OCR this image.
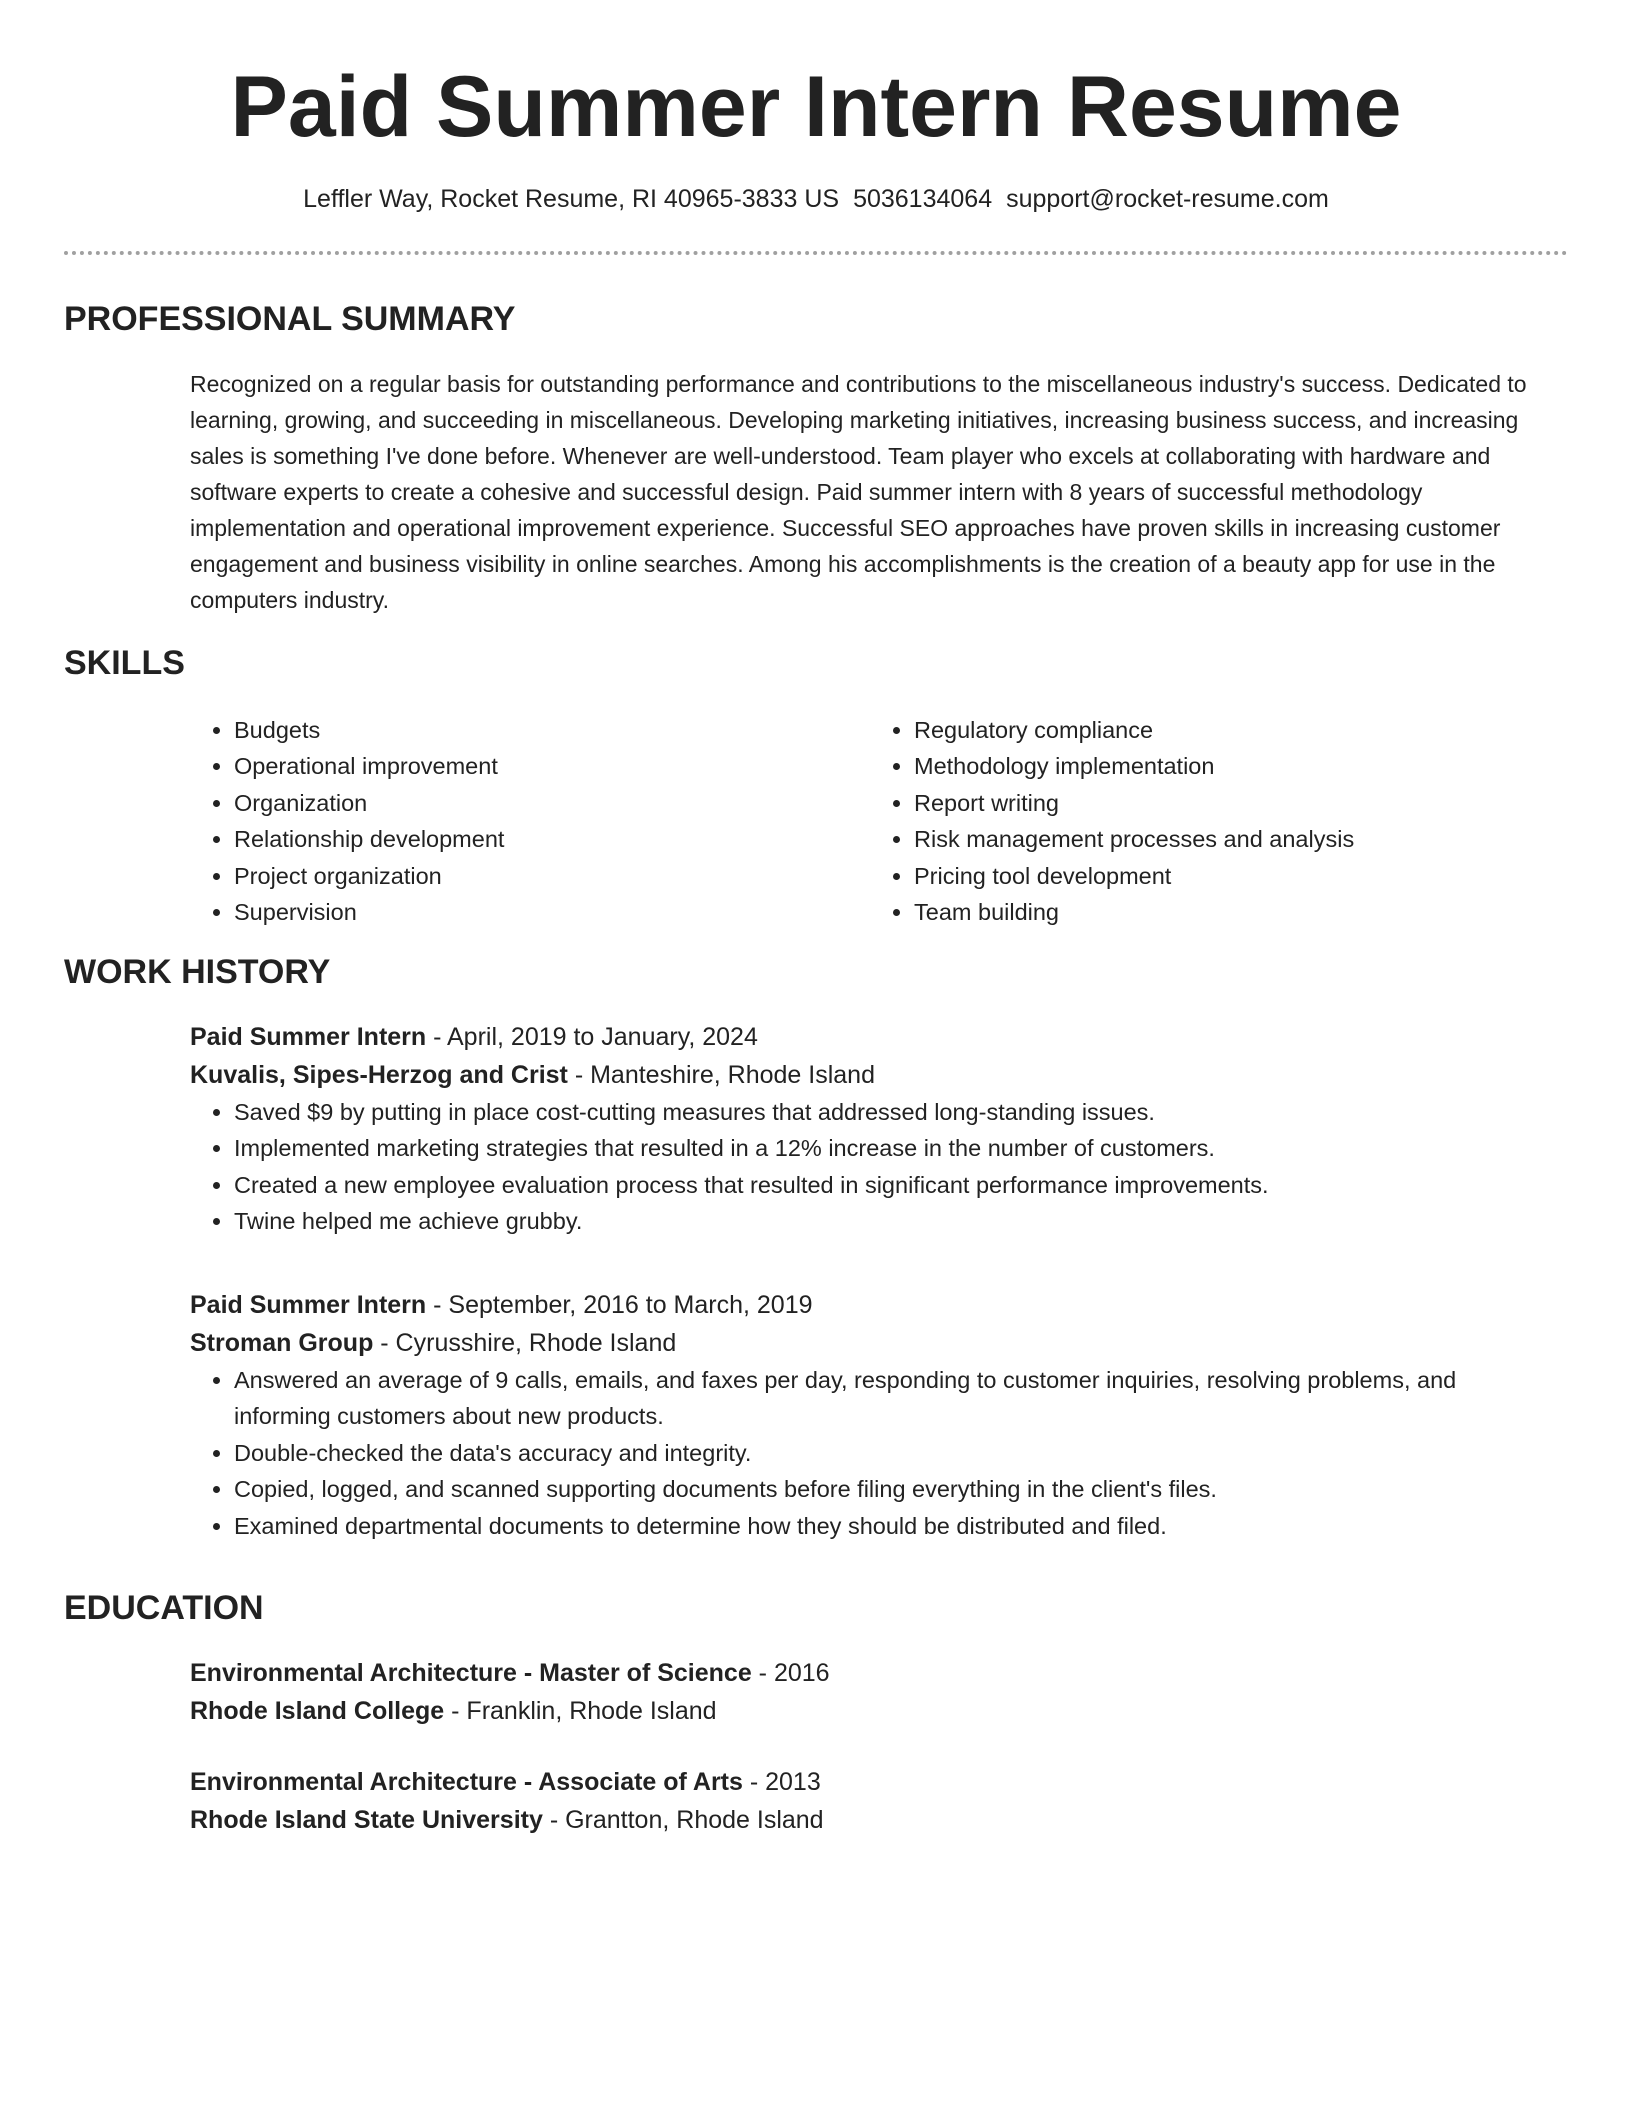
Paid Summer Intern Resume
Leffler Way, Rocket Resume, RI 40965-3833 US 5036134064 support@rocket-resume.com
PROFESSIONAL SUMMARY

Recognized on a regular basis for outstanding performance and contributions to the miscellaneous industry's success. Dedicated to learning, growing, and succeeding in miscellaneous. Developing marketing initiatives, increasing business success, and increasing sales is something I've done before. Whenever are well-understood. Team player who excels at collaborating with hardware and software experts to create a cohesive and successful design. Paid summer intern with 8 years of successful methodology implementation and operational improvement experience. Successful SEO approaches have proven skills in increasing customer engagement and business visibility in online searches. Among his accomplishments is the creation of a beauty app for use in the computers industry.

SKILLS
• Budgets
• Operational improvement
• Organization
• Relationship development
• Project organization
• Supervision
• Regulatory compliance
• Methodology implementation
• Report writing
• Risk management processes and analysis
• Pricing tool development
• Team building
WORK HISTORY
Paid Summer Intern - April, 2019 to January, 2024
Kuvalis, Sipes-Herzog and Crist - Manteshire, Rhode Island
• Saved $9 by putting in place cost-cutting measures that addressed long-standing issues.
• Implemented marketing strategies that resulted in a 12% increase in the number of customers.
• Created a new employee evaluation process that resulted in significant performance improvements.
• Twine helped me achieve grubby.
Paid Summer Intern - September, 2016 to March, 2019
Stroman Group - Cyrusshire, Rhode Island
• Answered an average of 9 calls, emails, and faxes per day, responding to customer inquiries, resolving problems, and informing customers about new products.
• Double-checked the data's accuracy and integrity.
• Copied, logged, and scanned supporting documents before filing everything in the client's files.
• Examined departmental documents to determine how they should be distributed and filed.
EDUCATION
Environmental Architecture - Master of Science - 2016
Rhode Island College - Franklin, Rhode Island
Environmental Architecture - Associate of Arts - 2013
Rhode Island State University - Grantton, Rhode Island
